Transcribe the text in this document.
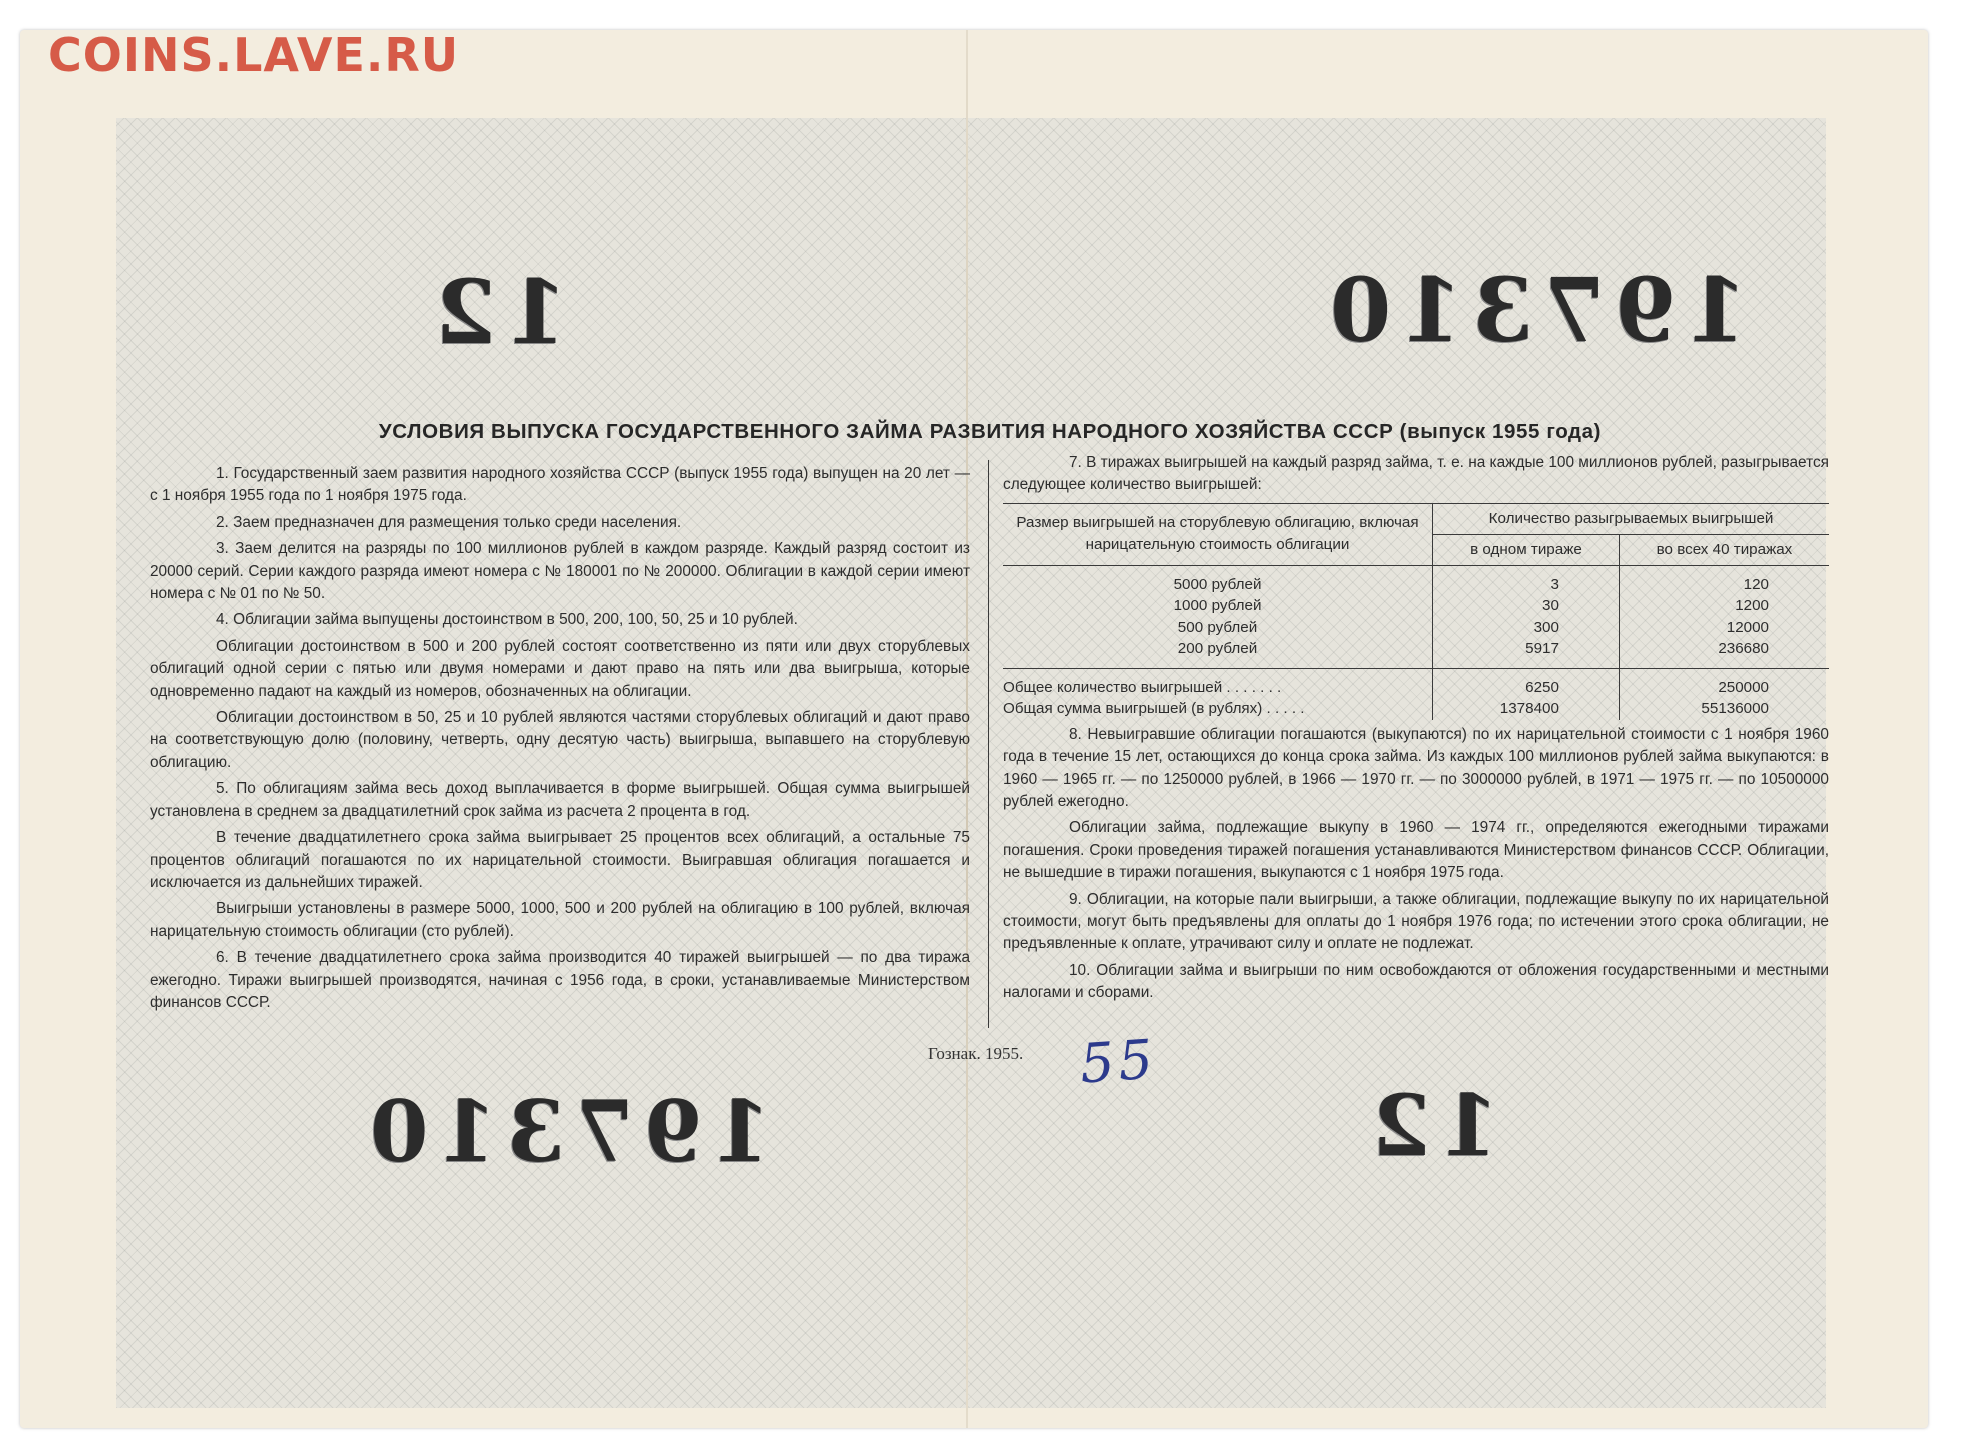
COINS.LAVE.RU
12	197310
197310	12
УСЛОВИЯ ВЫПУСКА ГОСУДАРСТВЕННОГО ЗАЙМА РАЗВИТИЯ НАРОДНОГО ХОЗЯЙСТВА СССР (выпуск 1955 года)

1. Государственный заем развития народного хозяйства СССР (выпуск 1955 года) выпущен на 20 лет — с 1 ноября 1955 года по 1 ноября 1975 года.

2. Заем предназначен для размещения только среди населения.

3. Заем делится на разряды по 100 миллионов рублей в каждом разряде. Каждый разряд состоит из 20000 серий. Серии каждого разряда имеют номера с № 180001 по № 200000. Облигации в каждой серии имеют номера с № 01 по № 50.

4. Облигации займа выпущены достоинством в 500, 200, 100, 50, 25 и 10 рублей.

Облигации достоинством в 500 и 200 рублей состоят соответственно из пяти или двух сторублевых облигаций одной серии с пятью или двумя номерами и дают право на пять или два выигрыша, которые одновременно падают на каждый из номеров, обозначенных на облигации.

Облигации достоинством в 50, 25 и 10 рублей являются частями сторублевых облигаций и дают право на соответствующую долю (половину, четверть, одну десятую часть) выигрыша, выпавшего на сторублевую облигацию.

5. По облигациям займа весь доход выплачивается в форме выигрышей. Общая сумма выигрышей установлена в среднем за двадцатилетний срок займа из расчета 2 процента в год.

В течение двадцатилетнего срока займа выигрывает 25 процентов всех облигаций, а остальные 75 процентов облигаций погашаются по их нарицательной стоимости. Выигравшая облигация погашается и исключается из дальнейших тиражей.

Выигрыши установлены в размере 5000, 1000, 500 и 200 рублей на облигацию в 100 рублей, включая нарицательную стоимость облигации (сто рублей).

6. В течение двадцатилетнего срока займа производится 40 тиражей выигрышей — по два тиража ежегодно. Тиражи выигрышей производятся, начиная с 1956 года, в сроки, устанавливаемые Министерством финансов СССР.

7. В тиражах выигрышей на каждый разряд займа, т. е. на каждые 100 миллионов рублей, разыгрывается следующее количество выигрышей:

Размер выигрышей на сторублевую облигацию, включая нарицательную стоимость облигации	Количество разыгрываемых выигрышей	
	в одном тираже	во всех 40 тиражах
5000 рублей	3	120
1000 рублей	30	1200
500 рублей	300	12000
200 рублей	5917	236680
Общее количество выигрышей . . . . . . .	6250	250000
Общая сумма выигрышей (в рублях) . . . . .	1378400	55136000

8. Невыигравшие облигации погашаются (выкупаются) по их нарицательной стоимости с 1 ноября 1960 года в течение 15 лет, остающихся до конца срока займа. Из каждых 100 миллионов рублей займа выкупаются: в 1960 — 1965 гг. — по 1250000 рублей, в 1966 — 1970 гг. — по 3000000 рублей, в 1971 — 1975 гг. — по 10500000 рублей ежегодно.

Облигации займа, подлежащие выкупу в 1960 — 1974 гг., определяются ежегодными тиражами погашения. Сроки проведения тиражей погашения устанавливаются Министерством финансов СССР. Облигации, не вышедшие в тиражи погашения, выкупаются с 1 ноября 1975 года.

9. Облигации, на которые пали выигрыши, а также облигации, подлежащие выкупу по их нарицательной стоимости, могут быть предъявлены для оплаты до 1 ноября 1976 года; по истечении этого срока облигации, не предъявленные к оплате, утрачивают силу и оплате не подлежат.

10. Облигации займа и выигрыши по ним освобождаются от обложения государственными и местными налогами и сборами.

Гознак. 1955. 55
